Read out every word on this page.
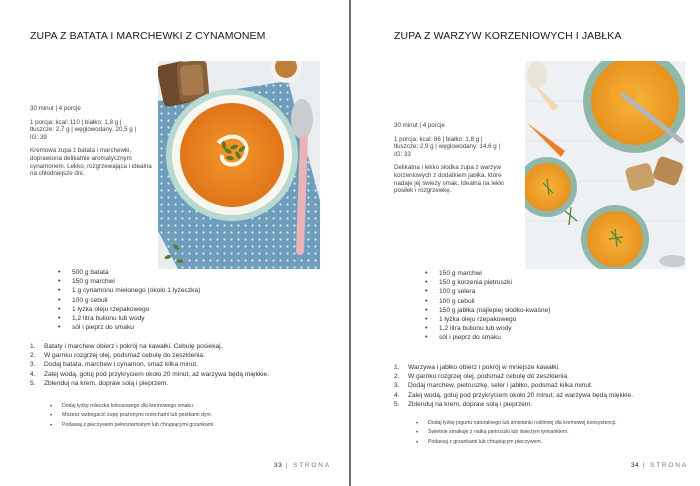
ZUPA Z BATATA I MARCHEWKI Z CYNAMONEM

30 minut | 4 porcje

1 porcja: kcal: 110 | białko: 1,8 g |
tłuszcze: 2,7 g | węglowodany: 20,5 g |

IG: 39

Kremowa zupa z batata i marchewki, doprawiona delikatnie aromatycznym cynamonem. Lekko, rozgrzewająca i idealna na chłodniejsze dni.

• 500 g batata
• 150 g marchwi
• 1 g cynamonu mielonego (około 1 łyżeczka)
• 100 g cebuli
• 1 łyżka oleju rzepakowego
• 1,2 litra bulionu lub wody
• sól i pieprz do smaku
1. Bataty i marchew obierz i pokrój na kawałki. Cebulę posiekaj.
2. W garnku rozgrzej olej, podsmaż cebulę do zeszklenia.
3. Dodaj batata, marchew i cynamon, smaż kilka minut.
4. Zalej wodą, gotuj pod przykryciem około 20 minut, aż warzywa będą miękkie.
5. Zblenduj na krem, dopraw solą i pieprzem.
• Dodaj łyżkę mleczka kokosowego dla kremowego smaku.
• Możesz wzbogacić zupę prażonymi orzechami lub pestkami dyni.
• Podawaj z pieczywem pełnoziarnistym lub chrupiącymi grzankami.
33 | STRONA
ZUPA Z WARZYW KORZENIOWYCH I JABŁKA

30 minut | 4 porcje

1 porcja: kcal: 86 | białko: 1,8 g |
tłuszcze: 2,9 g | węglowodany: 14,6 g |

IG: 33

Delikatna i lekko słodka zupa z warzyw korzeniowych z dodatkiem jabłka, które nadaje jej świeży smak. Idealna na lekki posiłek i rozgrzewkę.

• 150 g marchwi
• 150 g korzenia pietruszki
• 100 g selera
• 100 g cebuli
• 150 g jabłka (najlepiej słodko-kwaśne)
• 1 łyżka oleju rzepakowego
• 1,2 litra bulionu lub wody
• sól i pieprz do smaku
1. Warzywa i jabłko obierz i pokrój w mniejsze kawałki.
2. W garnku rozgrzej olej, podsmaż cebulę do zeszklenia.
3. Dodaj marchew, pietruszkę, seler i jabłko, podsmaż kilka minut.
4. Zalej wodą, gotuj pod przykryciem około 20 minut, aż warzywa będą miękkie.
5. Zblenduj na krem, dopraw solą i pieprzem.
• Dodaj łyżkę jogurtu naturalnego lub śmietanki roślinnej dla kremowej konsystencji.
• Świetnie smakuje z natką pietruszki lub świeżym tymiankiem.
• Podawaj z grzankami lub chrupiącym pieczywem.
34 | STRONA
